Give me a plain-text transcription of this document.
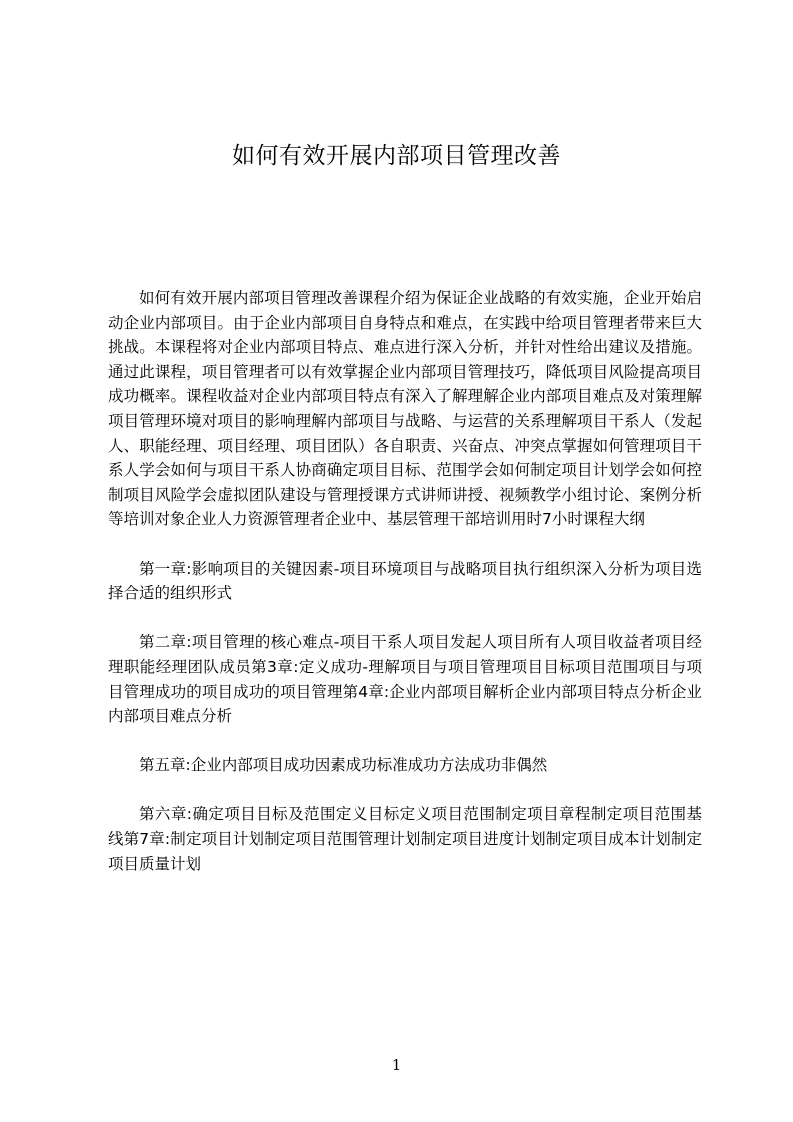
如何有效开展内部项目管理改善

如何有效开展内部项目管理改善课程介绍为保证企业战略的有效实施，企业开始启动企业内部项目。由于企业内部项目自身特点和难点，在实践中给项目管理者带来巨大挑战。本课程将对企业内部项目特点、难点进行深入分析，并针对性给出建议及措施。通过此课程，项目管理者可以有效掌握企业内部项目管理技巧，降低项目风险提高项目成功概率。课程收益对企业内部项目特点有深入了解理解企业内部项目难点及对策理解项目管理环境对项目的影响理解内部项目与战略、与运营的关系理解项目干系人（发起人、职能经理、项目经理、项目团队）各自职责、兴奋点、冲突点掌握如何管理项目干系人学会如何与项目干系人协商确定项目目标、范围学会如何制定项目计划学会如何控制项目风险学会虚拟团队建设与管理授课方式讲师讲授、视频教学小组讨论、案例分析等培训对象企业人力资源管理者企业中、基层管理干部培训用时7小时课程大纲

第一章:影响项目的关键因素-项目环境项目与战略项目执行组织深入分析为项目选择合适的组织形式

第二章:项目管理的核心难点-项目干系人项目发起人项目所有人项目收益者项目经理职能经理团队成员第3章:定义成功-理解项目与项目管理项目目标项目范围项目与项目管理成功的项目成功的项目管理第4章:企业内部项目解析企业内部项目特点分析企业内部项目难点分析

第五章:企业内部项目成功因素成功标准成功方法成功非偶然

第六章:确定项目目标及范围定义目标定义项目范围制定项目章程制定项目范围基线第7章:制定项目计划制定项目范围管理计划制定项目进度计划制定项目成本计划制定项目质量计划

1
